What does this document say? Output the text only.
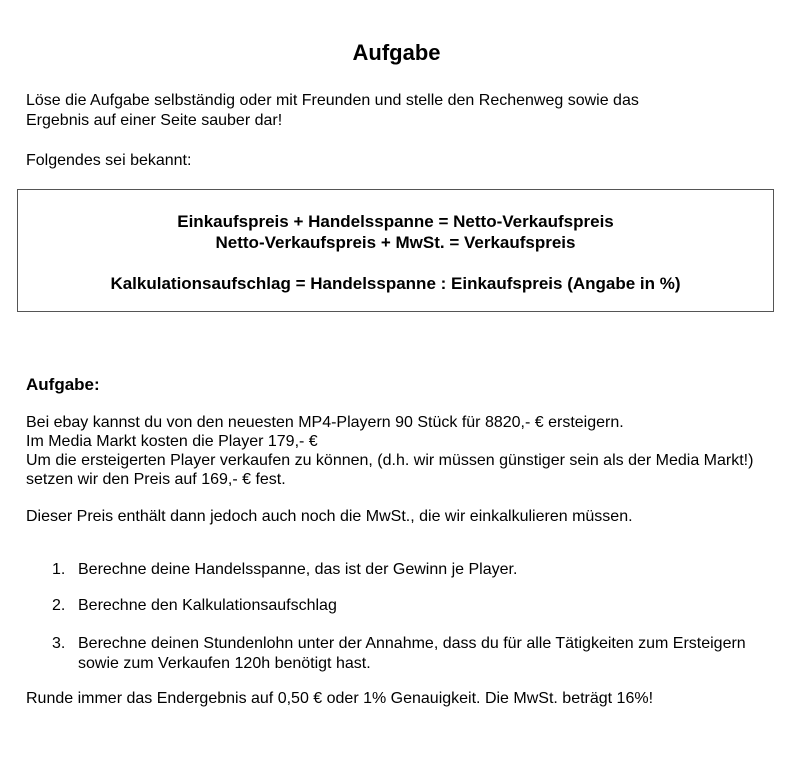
Aufgabe
Löse die Aufgabe selbständig oder mit Freunden und stelle den Rechenweg sowie das
Ergebnis auf einer Seite sauber dar!
Folgendes sei bekannt:
Einkaufspreis + Handelsspanne = Netto-Verkaufspreis
Netto-Verkaufspreis + MwSt. = Verkaufspreis
Kalkulationsaufschlag = Handelsspanne : Einkaufspreis (Angabe in %)
Aufgabe:
Bei ebay kannst du von den neuesten MP4-Playern 90 Stück für 8820,- € ersteigern.
Im Media Markt kosten die Player 179,- €
Um die ersteigerten Player verkaufen zu können, (d.h. wir müssen günstiger sein als der Media Markt!)
setzen wir den Preis auf 169,- € fest.
Dieser Preis enthält dann jedoch auch noch die MwSt., die wir einkalkulieren müssen.
1. Berechne deine Handelsspanne, das ist der Gewinn je Player.
2. Berechne den Kalkulationsaufschlag
3. Berechne deinen Stundenlohn unter der Annahme, dass du für alle Tätigkeiten zum Ersteigern
sowie zum Verkaufen 120h benötigt hast.
Runde immer das Endergebnis auf 0,50 € oder 1% Genauigkeit. Die MwSt. beträgt 16%!
